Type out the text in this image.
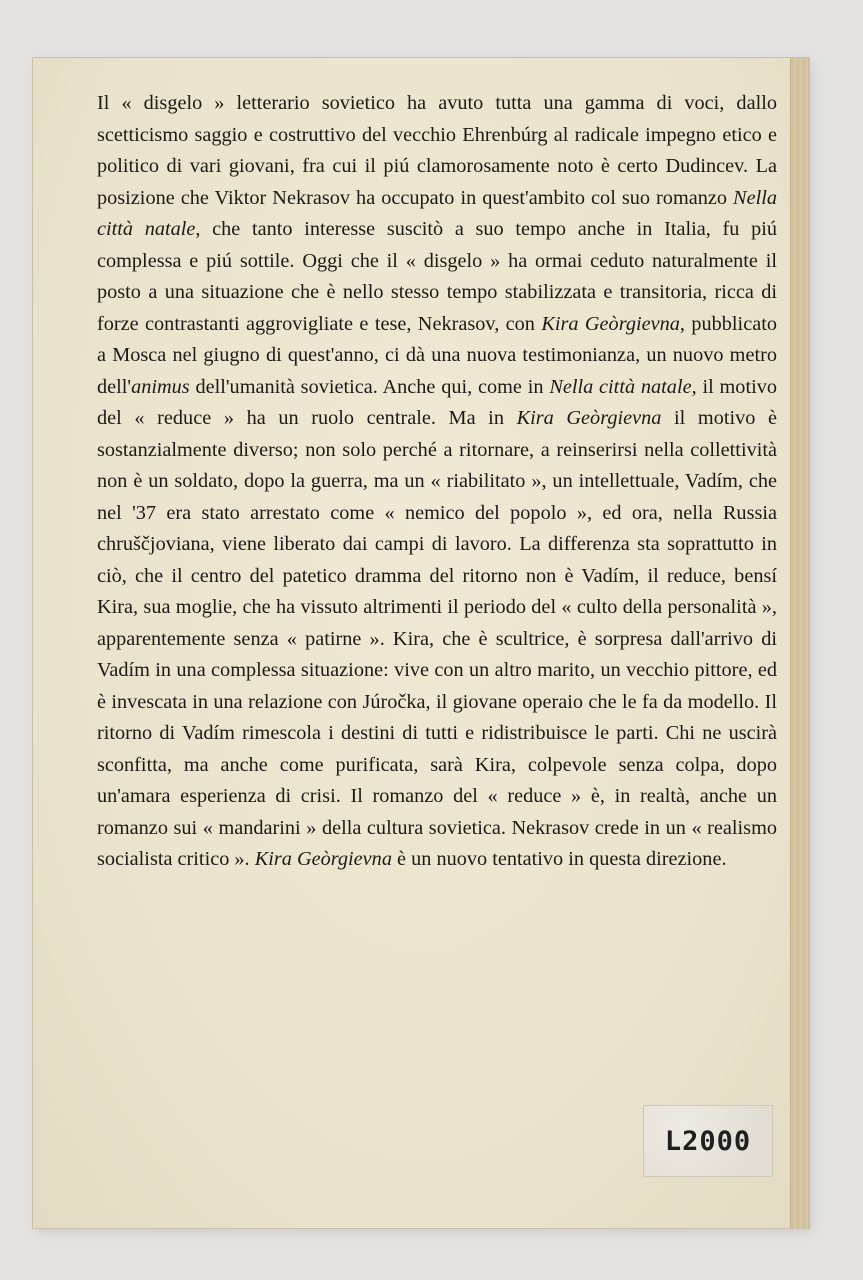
Il « disgelo » letterario sovietico ha avuto tutta una gamma di voci, dallo scetticismo saggio e costruttivo del vecchio Ehrenbúrg al radicale impegno etico e politico di vari giovani, fra cui il piú clamorosamente noto è certo Dudincev. La posizione che Viktor Nekrasov ha occupato in quest'ambito col suo romanzo Nella città natale, che tanto interesse suscitò a suo tempo anche in Italia, fu piú complessa e piú sottile. Oggi che il « disgelo » ha ormai ceduto naturalmente il posto a una situazione che è nello stesso tempo stabilizzata e transitoria, ricca di forze contrastanti aggrovigliate e tese, Nekrasov, con Kira Geòrgievna, pubblicato a Mosca nel giugno di quest'anno, ci dà una nuova testimonianza, un nuovo metro dell'animus dell'umanità sovietica. Anche qui, come in Nella città natale, il motivo del « reduce » ha un ruolo centrale. Ma in Kira Geòrgievna il motivo è sostanzialmente diverso; non solo perché a ritornare, a reinserirsi nella collettività non è un soldato, dopo la guerra, ma un « riabilitato », un intellettuale, Vadím, che nel '37 era stato arrestato come « nemico del popolo », ed ora, nella Russia chruščjoviana, viene liberato dai campi di lavoro. La differenza sta soprattutto in ciò, che il centro del patetico dramma del ritorno non è Vadím, il reduce, bensí Kira, sua moglie, che ha vissuto altrimenti il periodo del « culto della personalità », apparentemente senza « patirne ». Kira, che è scultrice, è sorpresa dall'arrivo di Vadím in una complessa situazione: vive con un altro marito, un vecchio pittore, ed è invescata in una relazione con Júročka, il giovane operaio che le fa da modello. Il ritorno di Vadím rimescola i destini di tutti e ridistribuisce le parti. Chi ne uscirà sconfitta, ma anche come purificata, sarà Kira, colpevole senza colpa, dopo un'amara esperienza di crisi. Il romanzo del « reduce » è, in realtà, anche un romanzo sui « mandarini » della cultura sovietica. Nekrasov crede in un « realismo socialista critico ». Kira Geòrgievna è un nuovo tentativo in questa direzione.

L2000
